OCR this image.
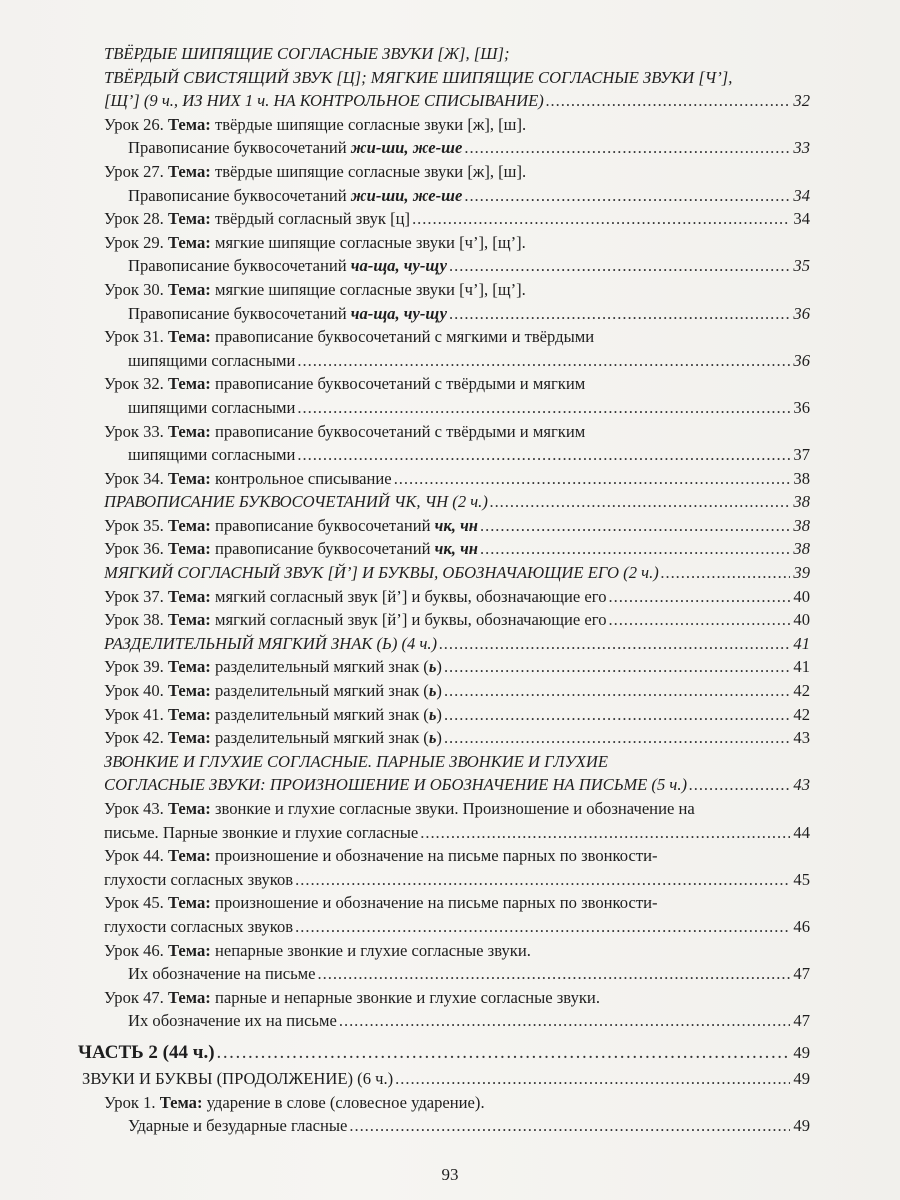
ТВЁРДЫЕ ШИПЯЩИЕ СОГЛАСНЫЕ ЗВУКИ [Ж], [Ш];
ТВЁРДЫЙ СВИСТЯЩИЙ ЗВУК [Ц]; МЯГКИЕ ШИПЯЩИЕ СОГЛАСНЫЕ ЗВУКИ [Ч’],
[Щ’] (9 ч., ИЗ НИХ 1 ч. НА КОНТРОЛЬНОЕ СПИСЫВАНИЕ) . . .	32
Урок 26. Тема: твёрдые шипящие согласные звуки [ж], [ш].
Правописание буквосочетаний жи-ши, же-ше . . .	33
Урок 27. Тема: твёрдые шипящие согласные звуки [ж], [ш].
Правописание буквосочетаний жи-ши, же-ше . . .	34
Урок 28. Тема: твёрдый согласный звук [ц] . . .	34
Урок 29. Тема: мягкие шипящие согласные звуки [ч’], [щ’].
Правописание буквосочетаний ча-ща, чу-щу . . .	35
Урок 30. Тема: мягкие шипящие согласные звуки [ч’], [щ’].
Правописание буквосочетаний ча-ща, чу-щу . . .	36
Урок 31. Тема: правописание буквосочетаний с мягкими и твёрдыми
шипящими согласными . . .	36
Урок 32. Тема: правописание буквосочетаний с твёрдыми и мягким
шипящими согласными . . .	36
Урок 33. Тема: правописание буквосочетаний с твёрдыми и мягким
шипящими согласными . . .	37
Урок 34. Тема: контрольное списывание . . .	38
ПРАВОПИСАНИЕ БУКВОСОЧЕТАНИЙ ЧК, ЧН (2 ч.) . . .	38
Урок 35. Тема: правописание буквосочетаний чк, чн . . .	38
Урок 36. Тема: правописание буквосочетаний чк, чн . . .	38
МЯГКИЙ СОГЛАСНЫЙ ЗВУК [Й’] И БУКВЫ, ОБОЗНАЧАЮЩИЕ ЕГО (2 ч.) . . .	39
Урок 37. Тема: мягкий согласный звук [й’] и буквы, обозначающие его . . .	40
Урок 38. Тема: мягкий согласный звук [й’] и буквы, обозначающие его . . .	40
РАЗДЕЛИТЕЛЬНЫЙ МЯГКИЙ ЗНАК (Ь) (4 ч.) . . .	41
Урок 39. Тема: разделительный мягкий знак (ь) . . .	41
Урок 40. Тема: разделительный мягкий знак (ь) . . .	42
Урок 41. Тема: разделительный мягкий знак (ь) . . .	42
Урок 42. Тема: разделительный мягкий знак (ь) . . .	43
ЗВОНКИЕ И ГЛУХИЕ СОГЛАСНЫЕ. ПАРНЫЕ ЗВОНКИЕ И ГЛУХИЕ
СОГЛАСНЫЕ ЗВУКИ: ПРОИЗНОШЕНИЕ И ОБОЗНАЧЕНИЕ НА ПИСЬМЕ (5 ч.) . . .	43
Урок 43. Тема: звонкие и глухие согласные звуки. Произношение и обозначение на
письме. Парные звонкие и глухие согласные . . .	44
Урок 44. Тема: произношение и обозначение на письме парных по звонкости-
глухости согласных звуков . . .	45
Урок 45. Тема: произношение и обозначение на письме парных по звонкости-
глухости согласных звуков . . .	46
Урок 46. Тема: непарные звонкие и глухие согласные звуки.
Их обозначение на письме . . .	47
Урок 47. Тема: парные и непарные звонкие и глухие согласные звуки.
Их обозначение их на письме . . .	47
ЧАСТЬ 2 (44 ч.) . . .	49
ЗВУКИ И БУКВЫ (ПРОДОЛЖЕНИЕ) (6 ч.) . . .	49
Урок 1. Тема: ударение в слове (словесное ударение).
Ударные и безударные гласные . . .	49
93
